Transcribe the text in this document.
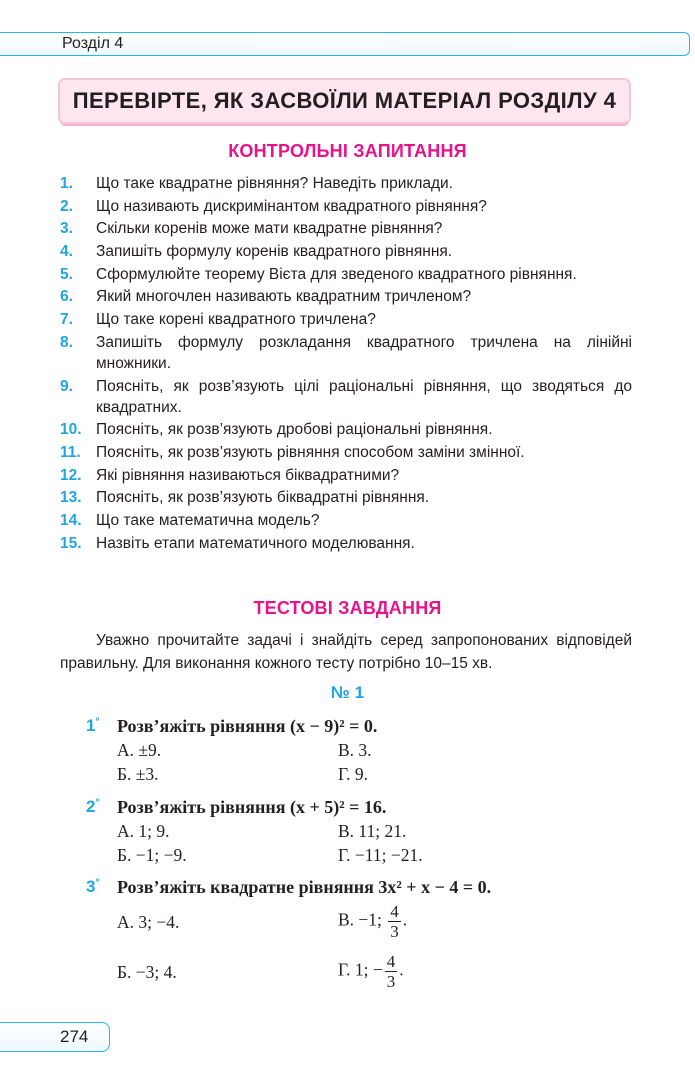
Розділ 4
ПЕРЕВІРТЕ, ЯК ЗАСВОЇЛИ МАТЕРІАЛ РОЗДІЛУ 4
КОНТРОЛЬНІ ЗАПИТАННЯ
1. Що таке квадратне рівняння? Наведіть приклади.
2. Що називають дискримінантом квадратного рівняння?
3. Скільки коренів може мати квадратне рівняння?
4. Запишіть формулу коренів квадратного рівняння.
5. Сформулюйте теорему Вієта для зведеного квадратного рівняння.
6. Який многочлен називають квадратним тричленом?
7. Що таке корені квадратного тричлена?
8. Запишіть формулу розкладання квадратного тричлена на лінійні множники.
9. Поясніть, як розв’язують цілі раціональні рівняння, що зводяться до квадратних.
10. Поясніть, як розв’язують дробові раціональні рівняння.
11. Поясніть, як розв’язують рівняння способом заміни змінної.
12. Які рівняння називаються біквадратними?
13. Поясніть, як розв’язують біквадратні рівняння.
14. Що таке математична модель?
15. Назвіть етапи математичного моделювання.
ТЕСТОВІ ЗАВДАННЯ
Уважно прочитайте задачі і знайдіть серед запропонованих відповідей правильну. Для виконання кожного тесту потрібно 10–15 хв.
№ 1
1° Розв’яжіть рівняння (x − 9)² = 0.
А. ±9.	В. 3.
Б. ±3.	Г. 9.
2° Розв’яжіть рівняння (x + 5)² = 16.
А. 1; 9.	В. 11; 21.
Б. −1; −9.	Г. −11; −21.
3° Розв’яжіть квадратне рівняння 3x² + x − 4 = 0.
А. 3; −4.	В. −1; $\frac{4}{3}$ .
Б. −3; 4.	Г. 1; − $\frac{4}{3}$ .
274
